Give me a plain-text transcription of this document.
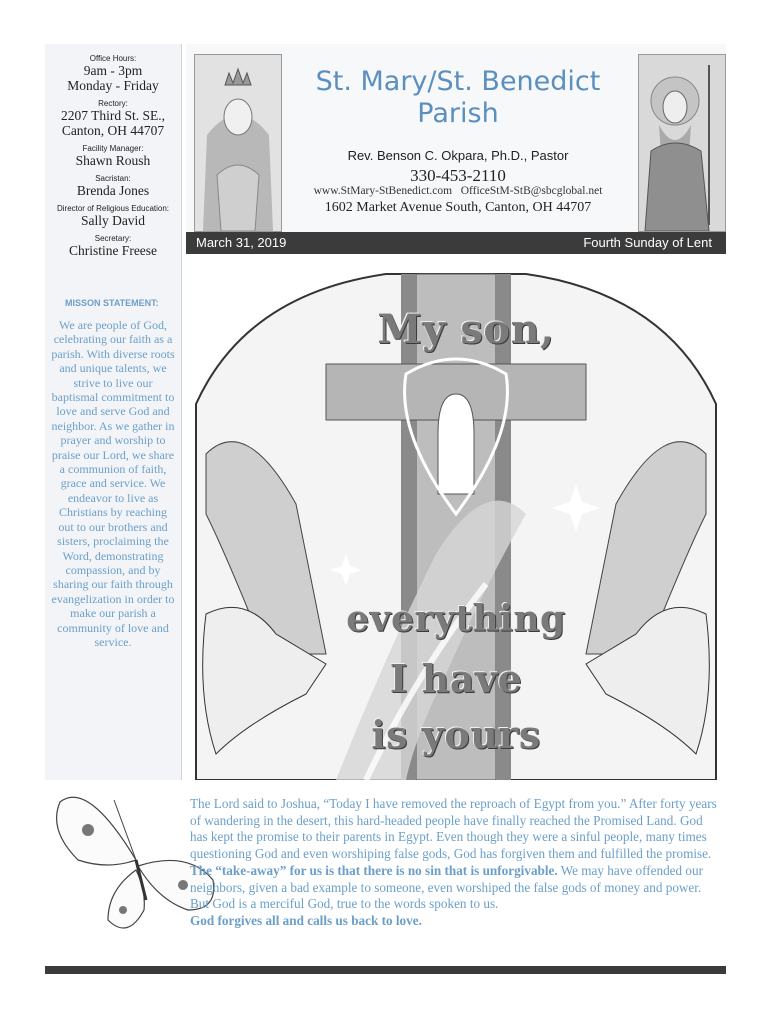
Office Hours:
9am - 3pm
Monday - Friday
Rectory:
2207 Third St. SE.,
Canton, OH 44707
Facility Manager:
Shawn Roush
Sacristan:
Brenda Jones
Director of Religious Education:
Sally David
Secretary:
Christine Freese
MISSON STATEMENT:
We are people of God, celebrating our faith as a parish. With diverse roots and unique talents, we strive to live our baptismal commitment to love and serve God and neighbor. As we gather in prayer and worship to praise our Lord, we share a communion of faith, grace and service. We endeavor to live as Christians by reaching out to our brothers and sisters, proclaiming the Word, demonstrating compassion, and by sharing our faith through evangelization in order to make our parish a community of love and service.
St. Mary/St. Benedict
Parish
Rev. Benson C. Okpara, Ph.D., Pastor
330-453-2110
www.StMary-StBenedict.com OfficeStM-StB@sbcglobal.net
1602 Market Avenue South, Canton, OH 44707
March 31, 2019	Fourth Sunday of Lent
My son,
everything
I have
is yours
The Lord said to Joshua, “Today I have removed the reproach of Egypt from you.” After forty years of wandering in the desert, this hard-headed people have finally reached the Promised Land. God has kept the promise to their parents in Egypt. Even though they were a sinful people, many times questioning God and even worshiping false gods, God has forgiven them and fulfilled the promise. The “take-away” for us is that there is no sin that is unforgivable. We may have offended our neighbors, given a bad example to someone, even worshiped the false gods of money and power. But God is a merciful God, true to the words spoken to us.
God forgives all and calls us back to love.
